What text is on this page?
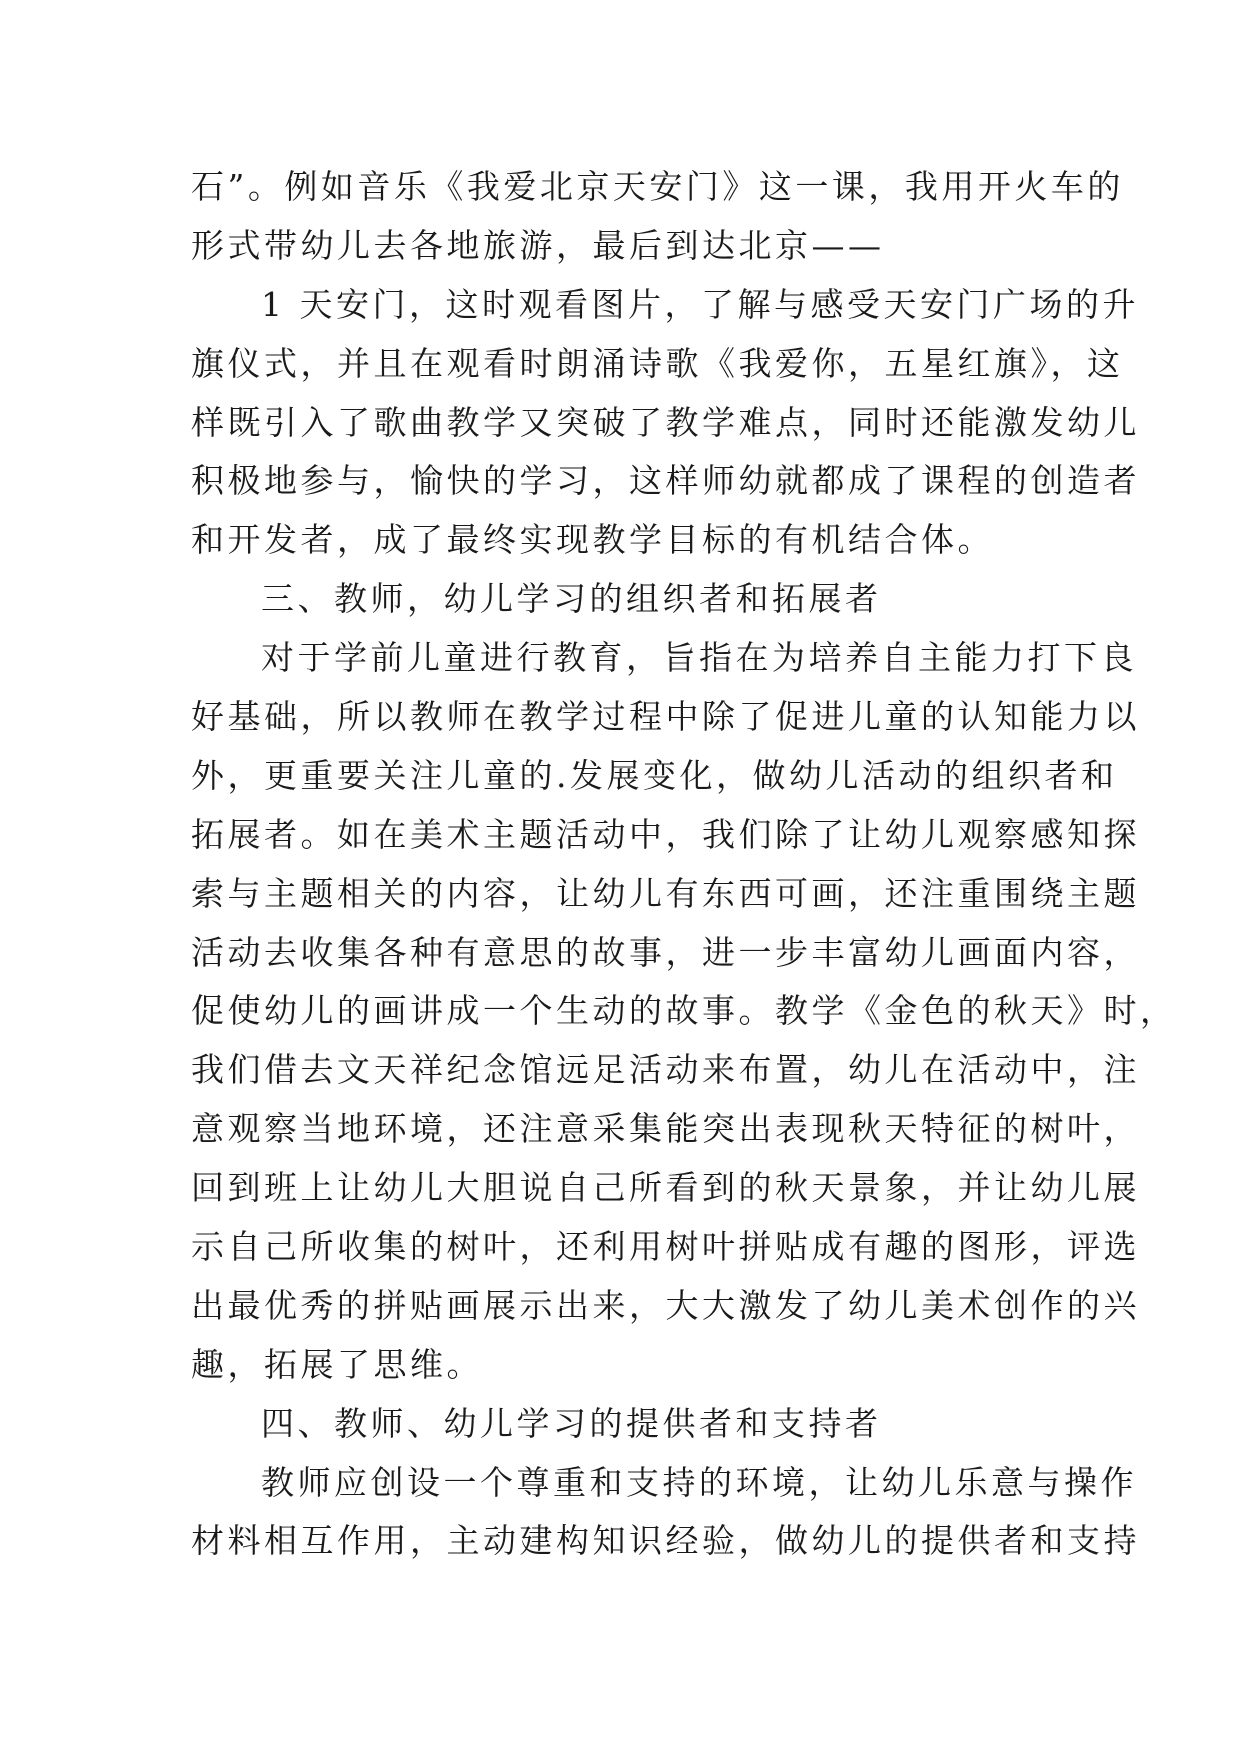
石”。例如音乐《我爱北京天安门》这一课，我用开火车的
形式带幼儿去各地旅游，最后到达北京——
1 天安门，这时观看图片，了解与感受天安门广场的升
旗仪式，并且在观看时朗涌诗歌《我爱你，五星红旗》，这
样既引入了歌曲教学又突破了教学难点，同时还能激发幼儿
积极地参与，愉快的学习，这样师幼就都成了课程的创造者
和开发者，成了最终实现教学目标的有机结合体。
三、教师，幼儿学习的组织者和拓展者
对于学前儿童进行教育，旨指在为培养自主能力打下良
好基础，所以教师在教学过程中除了促进儿童的认知能力以
外，更重要关注儿童的.发展变化，做幼儿活动的组织者和
拓展者。如在美术主题活动中，我们除了让幼儿观察感知探
索与主题相关的内容，让幼儿有东西可画，还注重围绕主题
活动去收集各种有意思的故事，进一步丰富幼儿画面内容，
促使幼儿的画讲成一个生动的故事。教学《金色的秋天》时，
我们借去文天祥纪念馆远足活动来布置，幼儿在活动中，注
意观察当地环境，还注意采集能突出表现秋天特征的树叶，
回到班上让幼儿大胆说自己所看到的秋天景象，并让幼儿展
示自己所收集的树叶，还利用树叶拼贴成有趣的图形，评选
出最优秀的拼贴画展示出来，大大激发了幼儿美术创作的兴
趣，拓展了思维。
四、教师、幼儿学习的提供者和支持者
教师应创设一个尊重和支持的环境，让幼儿乐意与操作
材料相互作用，主动建构知识经验，做幼儿的提供者和支持
